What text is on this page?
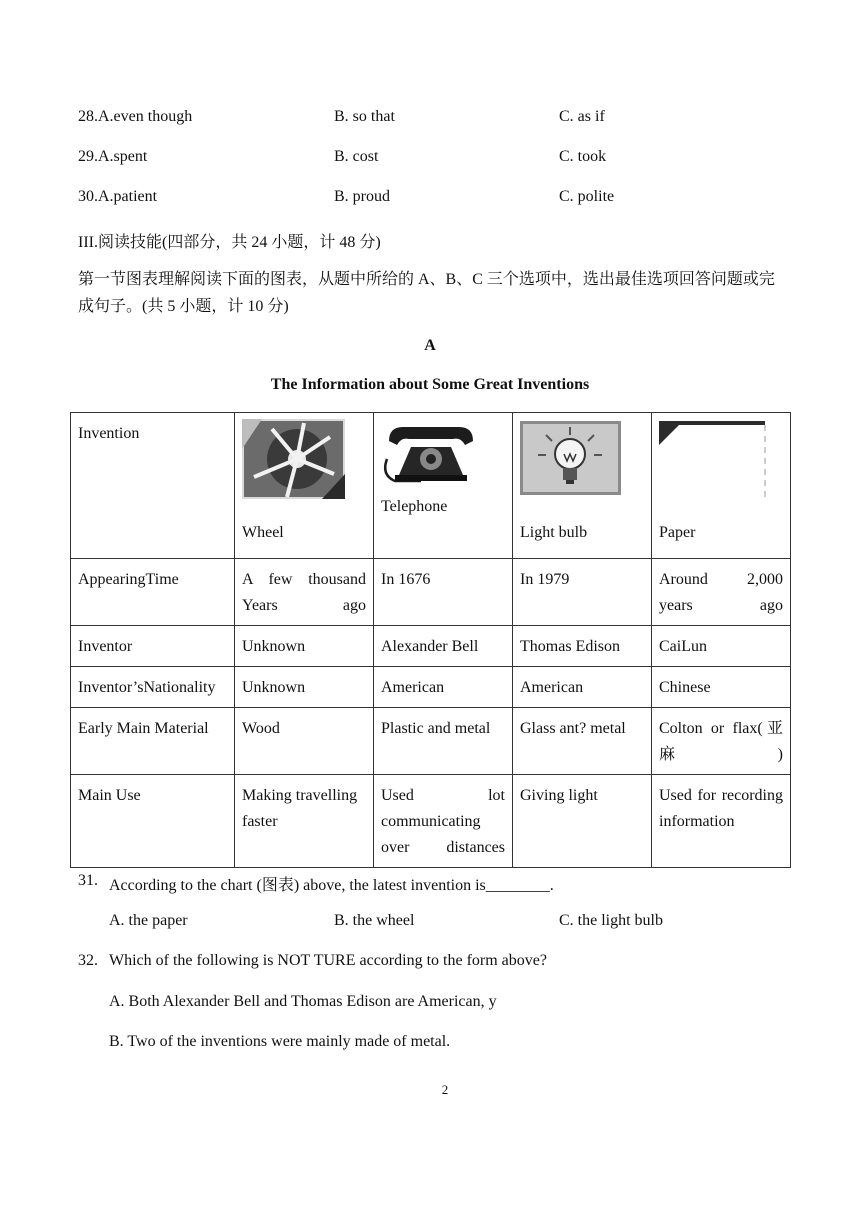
28.A.even though	B. so that	C. as if
29.A.spent	B. cost	C. took
30.A.patient	B. proud	C. polite
III.阅读技能(四部分，共 24 小题，计 48 分)
第一节图表理解阅读下面的图表，从题中所给的 A、B、C 三个选项中，选出最佳选项回答问题或完成句子。(共 5 小题，计 10 分)
A
The Information about Some Great Inventions
Invention	Wheel	Telephone	Light bulb	Paper

AppearingTime	A few thousand Years ago	In 1676	In 1979	Around 2,000 years ago
Inventor	Unknown	Alexander Bell	Thomas Edison	CaiLun
Inventor’sNationality	Unknown	American	American	Chinese
Early Main Material	Wood	Plastic and metal	Glass ant? metal	Colton or flax(亚麻)
Main Use	Making travelling faster	Used lot communicating over distances	Giving light	Used for recording information
31. According to the chart (图表) above, the latest invention is________.
A. the paper	B. the wheel	C. the light bulb
32. Which of the following is NOT TURE according to the form above?
A. Both Alexander Bell and Thomas Edison are American, y
B. Two of the inventions were mainly made of metal.
2
